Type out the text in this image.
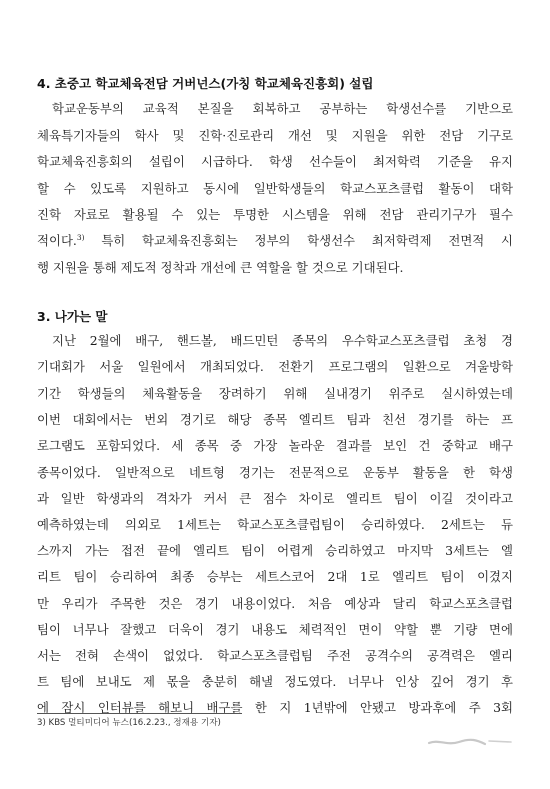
4. 초중고 학교체육전담 거버넌스(가칭 학교체육진흥회) 설립
학교운동부의 교육적 본질을 회복하고 공부하는 학생선수를 기반으로
체육특기자들의 학사 및 진학·진로관리 개선 및 지원을 위한 전담 기구로
학교체육진흥회의 설립이 시급하다. 학생 선수들이 최저학력 기준을 유지
할 수 있도록 지원하고 동시에 일반학생들의 학교스포츠클럽 활동이 대학
진학 자료로 활용될 수 있는 투명한 시스템을 위해 전담 관리기구가 필수
적이다.$^{3)}$ 특히 학교체육진흥회는 정부의 학생선수 최저학력제 전면적 시
행 지원을 통해 제도적 정착과 개선에 큰 역할을 할 것으로 기대된다.
3. 나가는 말
지난 2월에 배구, 핸드볼, 배드민턴 종목의 우수학교스포츠클럽 초청 경
기대회가 서울 일원에서 개최되었다. 전환기 프로그램의 일환으로 겨울방학
기간 학생들의 체육활동을 장려하기 위해 실내경기 위주로 실시하였는데
이번 대회에서는 번외 경기로 해당 종목 엘리트 팀과 친선 경기를 하는 프
로그램도 포함되었다. 세 종목 중 가장 놀라운 결과를 보인 건 중학교 배구
종목이었다. 일반적으로 네트형 경기는 전문적으로 운동부 활동을 한 학생
과 일반 학생과의 격차가 커서 큰 점수 차이로 엘리트 팀이 이길 것이라고
예측하였는데 의외로 1세트는 학교스포츠클럽팀이 승리하였다. 2세트는 듀
스까지 가는 접전 끝에 엘리트 팀이 어렵게 승리하였고 마지막 3세트는 엘
리트 팀이 승리하여 최종 승부는 세트스코어 2대 1로 엘리트 팀이 이겼지
만 우리가 주목한 것은 경기 내용이었다. 처음 예상과 달리 학교스포츠클럽
팀이 너무나 잘했고 더욱이 경기 내용도 체력적인 면이 약할 뿐 기량 면에
서는 전혀 손색이 없었다. 학교스포츠클럽팀 주전 공격수의 공격력은 엘리
트 팀에 보내도 제 몫을 충분히 해낼 정도였다. 너무나 인상 깊어 경기 후
에 잠시 인터뷰를 해보니 배구를 한 지 1년밖에 안됐고 방과후에 주 3회
3) KBS 멀티미디어 뉴스(16.2.23., 정재용 기자)
